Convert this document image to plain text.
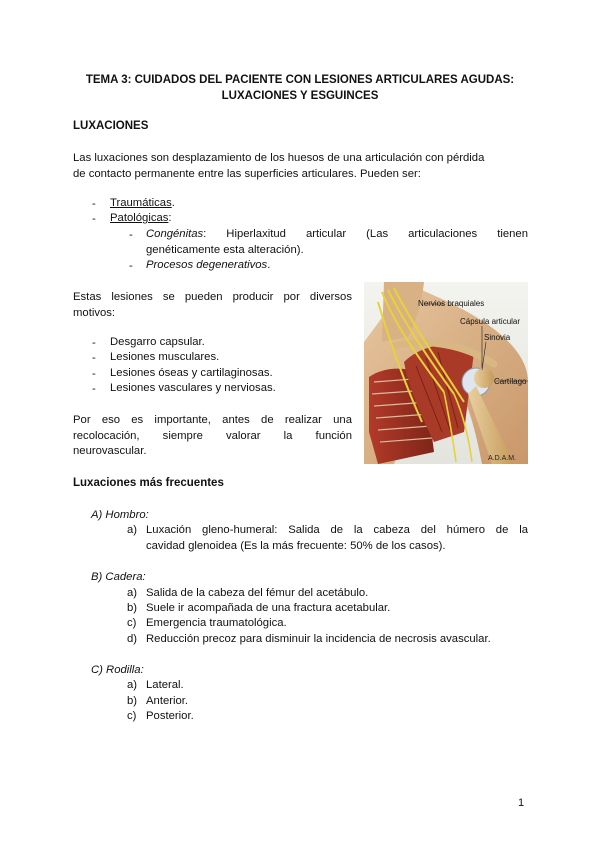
TEMA 3: CUIDADOS DEL PACIENTE CON LESIONES ARTICULARES AGUDAS:
LUXACIONES Y ESGUINCES
LUXACIONES
Las luxaciones son desplazamiento de los huesos de una articulación con pérdida
de contacto permanente entre las superficies articulares. Pueden ser:
- Traumáticas.
- Patológicas:
- Congénitas: Hiperlaxitud articular (Las articulaciones tienen
genéticamente esta alteración).
- Procesos degenerativos.
Estas lesiones se pueden producir por diversos
motivos:
- Desgarro capsular.
- Lesiones musculares.
- Lesiones óseas y cartilaginosas.
- Lesiones vasculares y nerviosas.
Por eso es importante, antes de realizar una
recolocación, siempre valorar la función
neurovascular.
Nervios braquiales
Cápsula articular
Sinovia
Cartílago
A.D.A.M.
Luxaciones más frecuentes
A) Hombro:
a) Luxación gleno-humeral: Salida de la cabeza del húmero de la
cavidad glenoidea (Es la más frecuente: 50% de los casos).
B) Cadera:
a) Salida de la cabeza del fémur del acetábulo.
b) Suele ir acompañada de una fractura acetabular.
c) Emergencia traumatológica.
d) Reducción precoz para disminuir la incidencia de necrosis avascular.
C) Rodilla:
a) Lateral.
b) Anterior.
c) Posterior.
1
